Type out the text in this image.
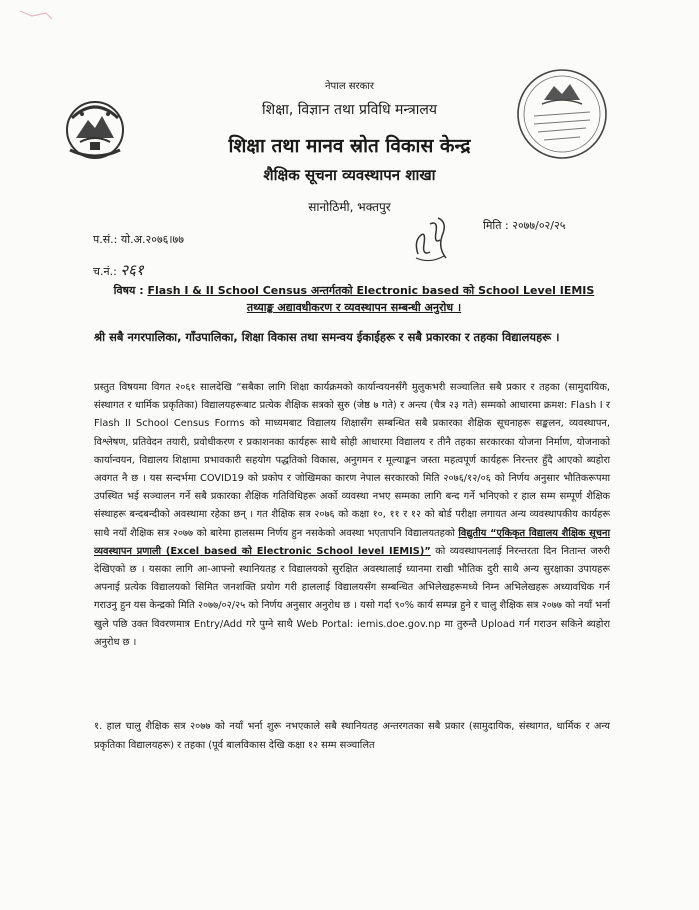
नेपाल सरकार
शिक्षा, विज्ञान तथा प्रविधि मन्त्रालय
शिक्षा तथा मानव स्रोत विकास केन्द्र
शैक्षिक सूचना व्यवस्थापन शाखा
सानोठिमी, भक्तपुर
प.सं.: यो.अ.२०७६।७७
मिति : २०७७/०२/२५
च.नं.: २६१
विषय : Flash I & II School Census अन्तर्गतको Electronic based को School Level IEMIS
तथ्याङ्क अद्यावधीकरण र व्यवस्थापन सम्बन्धी अनुरोध ।
श्री सबै नगरपालिका, गाँउपालिका, शिक्षा विकास तथा समन्वय ईकाईहरू र सबै प्रकारका र तहका विद्यालयहरू ।
प्रस्तुत विषयमा विगत २०६१ सालदेखि “सबैका लागि शिक्षा कार्यक्रमको कार्यान्वयनसँगै मुलुकभरी सञ्चालित सबै प्रकार र तहका (सामुदायिक, संस्थागत र धार्मिक प्रकृतिका) विद्यालयहरूबाट प्रत्येक शैक्षिक सत्रको सुरु (जेष्ठ ७ गते) र अन्त्य (चैत्र २३ गते) सम्मको आधारमा क्रमश: Flash I र Flash II School Census Forms को माध्यमबाट विद्यालय शिक्षासँग सम्बन्धित सबै प्रकारका शैक्षिक सूचनाहरू सङ्कलन, व्यवस्थापन, विश्लेषण, प्रतिवेदन तयारी, प्रवोधीकरण र प्रकाशनका कार्यहरू साथै सोही आधारमा विद्यालय र तीनै तहका सरकारका योजना निर्माण, योजनाको कार्यान्वयन, विद्यालय शिक्षामा प्रभावकारी सहयोग पद्धतिको विकास, अनुगमन र मूल्याङ्कन जस्ता महत्वपूर्ण कार्यहरू निरन्तर हुँदै आएको ब्यहोरा अवगत नै छ । यस सन्दर्भमा COVID19 को प्रकोप र जोखिमका कारण नेपाल सरकारको मिति २०७६/१२/०६ को निर्णय अनुसार भौतिकरूपमा उपस्थित भई सञ्चालन गर्ने सबै प्रकारका शैक्षिक गतिविधिहरू अर्को व्यवस्था नभए सम्मका लागि बन्द गर्ने भनिएको र हाल सम्म सम्पूर्ण शैक्षिक संस्थाहरू बन्दबन्दीको अवस्थामा रहेका छन् । गत शैक्षिक सत्र २०७६ को कक्षा १०, ११ र १२ को बोर्ड परीक्षा लगायत अन्य व्यवस्थापकीय कार्यहरू साथै नयाँ शैक्षिक सत्र २०७७ को बारेमा हालसम्म निर्णय हुन नसकेको अवस्था भएतापनि विद्यालयतहको विद्युतीय “एकिकृत विद्यालय शैक्षिक सूचना व्यवस्थापन प्रणाली (Excel based को Electronic School level IEMIS)” को व्यवस्थापनलाई निरन्तरता दिन नितान्त जरुरी देखिएको छ । यसका लागि आ-आफ्नो स्थानियतह र विद्यालयको सुरक्षित अवस्थालाई ध्यानमा राखी भौतिक दुरी साथै अन्य सुरक्षाका उपायहरू अपनाई प्रत्येक विद्यालयको सिमित जनशक्ति प्रयोग गरी हाललाई विद्यालयसँग सम्बन्धित अभिलेखहरूमध्ये निम्न अभिलेखहरू अध्यावधिक गर्न गराउनु हुन यस केन्द्रको मिति २०७७/०२/२५ को निर्णय अनुसार अनुरोध छ । यसो गर्दा ९०% कार्य सम्पन्न हुने र चालु शैक्षिक सत्र २०७७ को नयाँ भर्ना खुले पछि उक्त विवरणमात्र Entry/Add गरे पुग्ने साथै Web Portal: iemis.doe.gov.np मा तुरुन्तै Upload गर्न गराउन सकिने ब्यहोरा अनुरोध छ ।
१. हाल चालु शैक्षिक सत्र २०७७ को नयाँ भर्ना शुरू नभएकाले सबै स्थानियतह अन्तरगतका सबै प्रकार (सामुदायिक, संस्थागत, धार्मिक र अन्य प्रकृतिका विद्यालयहरू) र तहका (पूर्व बालविकास देखि कक्षा १२ सम्म सञ्चालित
